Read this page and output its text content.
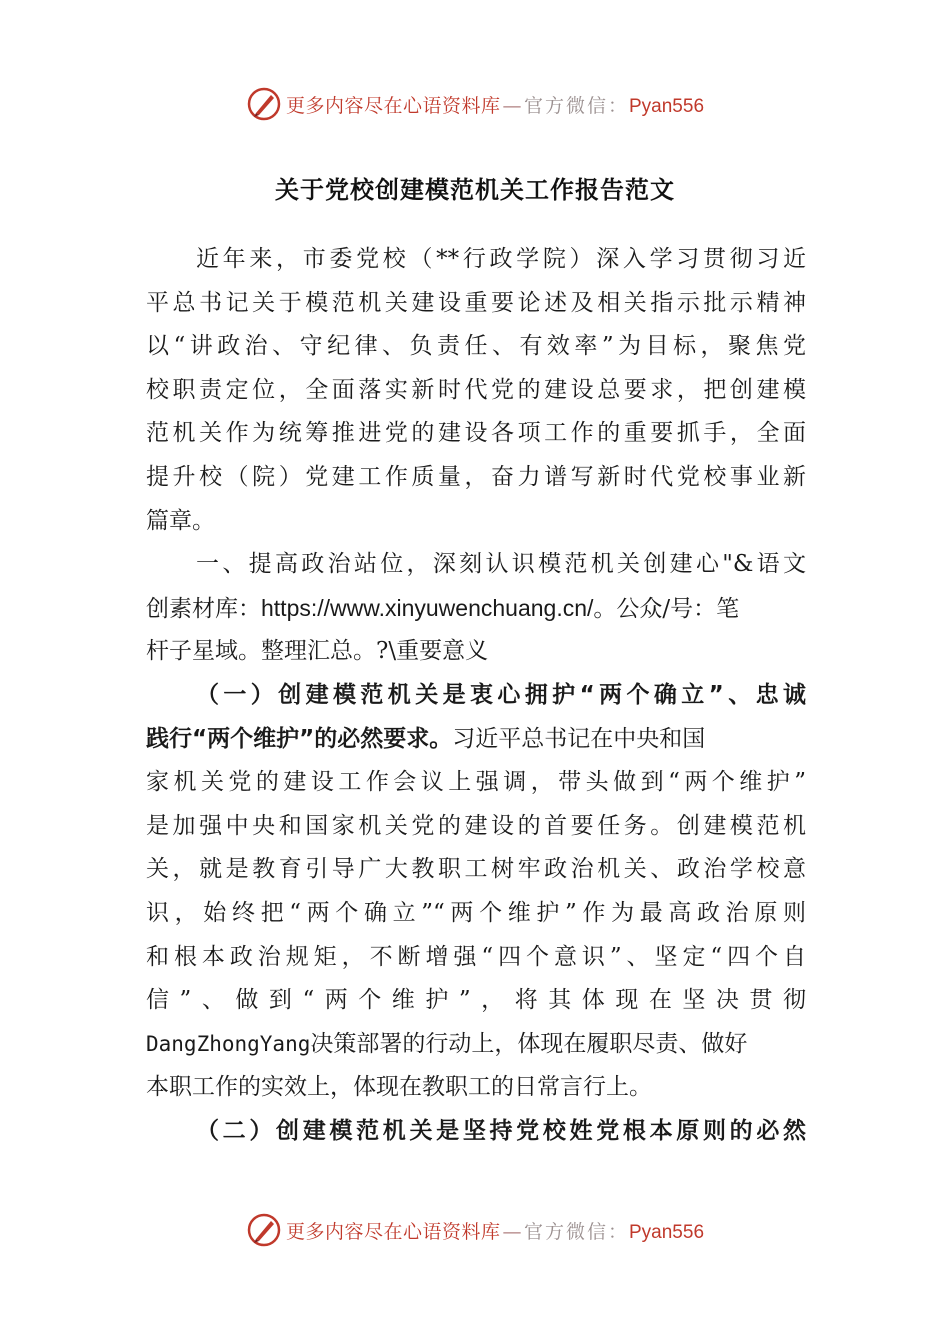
更多内容尽在心语资料库 — 官方微信：Pyan556
关于党校创建模范机关工作报告范文
近年来，市委党校（**行政学院）深入学习贯彻习近
平总书记关于模范机关建设重要论述及相关指示批示精神
以“讲政治、守纪律、负责任、有效率”为目标，聚焦党
校职责定位，全面落实新时代党的建设总要求，把创建模
范机关作为统筹推进党的建设各项工作的重要抓手，全面
提升校（院）党建工作质量，奋力谱写新时代党校事业新
篇章。
一、提高政治站位，深刻认识模范机关创建心"&语文
创素材库：https://www.xinyuwenchuang.cn/。公众/号：笔
杆子星域。整理汇总。?\重要意义
（一）创建模范机关是衷心拥护“两个确立”、忠诚
践行“两个维护”的必然要求。习近平总书记在中央和国
家机关党的建设工作会议上强调，带头做到“两个维护”
是加强中央和国家机关党的建设的首要任务。创建模范机
关，就是教育引导广大教职工树牢政治机关、政治学校意
识，始终把“两个确立”“两个维护”作为最高政治原则
和根本政治规矩，不断增强“四个意识”、坚定“四个自
信”、做到“两个维护”，将其体现在坚决贯彻
DangZhongYang决策部署的行动上，体现在履职尽责、做好
本职工作的实效上，体现在教职工的日常言行上。
（二）创建模范机关是坚持党校姓党根本原则的必然
更多内容尽在心语资料库 — 官方微信：Pyan556
